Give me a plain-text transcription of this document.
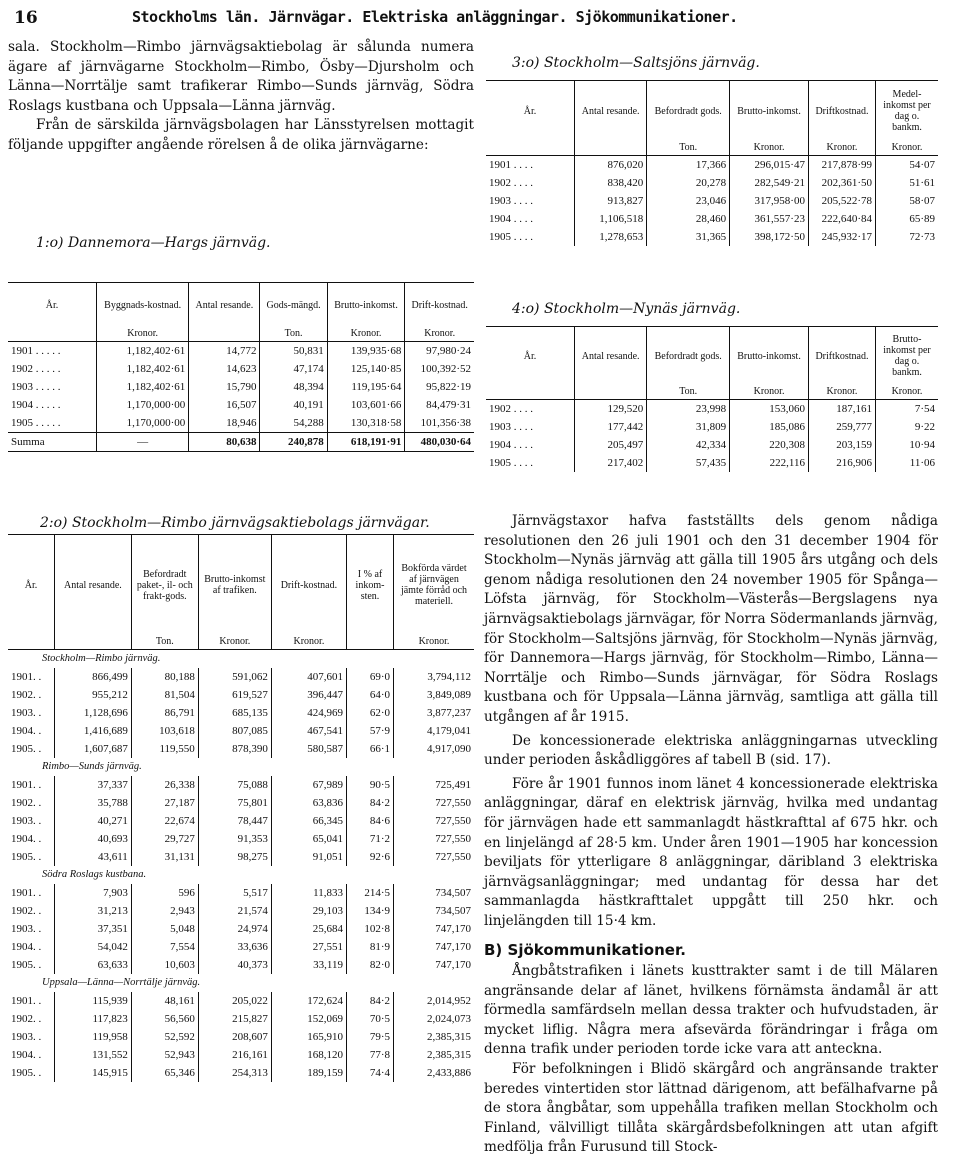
16	Stockholms län. Järnvägar. Elektriska anläggningar. Sjökommunikationer.

sala. Stockholm—Rimbo järnvägsaktiebolag är sålunda numera ägare af järnvägarne Stockholm—Rimbo, Ösby—Djursholm och Länna—Norrtälje samt trafikerar Rimbo—Sunds järnväg, Södra Roslags kustbana och Uppsala—Länna järnväg.

Från de särskilda järnvägsbolagen har Länsstyrelsen mottagit följande uppgifter angående rörelsen å de olika järnvägarne:

1:o) Dannemora—Hargs järnväg.
År.	Byggnads-kostnad.	Antal resande.	Gods-mängd.	Brutto-inkomst.	Drift-kostnad.
	Kronor.		Ton.	Kronor.	Kronor.
1901 . . . . .	1,182,402·61	14,772	50,831	139,935·68	97,980·24
1902 . . . . .	1,182,402·61	14,623	47,174	125,140·85	100,392·52
1903 . . . . .	1,182,402·61	15,790	48,394	119,195·64	95,822·19
1904 . . . . .	1,170,000·00	16,507	40,191	103,601·66	84,479·31
1905 . . . . .	1,170,000·00	18,946	54,288	130,318·58	101,356·38
Summa	—	80,638	240,878	618,191·91	480,030·64
2:o) Stockholm—Rimbo järnvägsaktiebolags järnvägar.
År.	Antal resande.	Befordradt paket-, il- och frakt-gods.	Brutto-inkomst af trafiken.	Drift-kostnad.	I % af inkom-sten.	Bokförda värdet af järnvägen jämte förråd och materiell.
		Ton.	Kronor.	Kronor.		Kronor.
Stockholm—Rimbo järnväg.						
1901. .	866,499	80,188	591,062	407,601	69·0	3,794,112
1902. .	955,212	81,504	619,527	396,447	64·0	3,849,089
1903. .	1,128,696	86,791	685,135	424,969	62·0	3,877,237
1904. .	1,416,689	103,618	807,085	467,541	57·9	4,179,041
1905. .	1,607,687	119,550	878,390	580,587	66·1	4,917,090
Rimbo—Sunds järnväg.						
1901. .	37,337	26,338	75,088	67,989	90·5	725,491
1902. .	35,788	27,187	75,801	63,836	84·2	727,550
1903. .	40,271	22,674	78,447	66,345	84·6	727,550
1904. .	40,693	29,727	91,353	65,041	71·2	727,550
1905. .	43,611	31,131	98,275	91,051	92·6	727,550
Södra Roslags kustbana.						
1901. .	7,903	596	5,517	11,833	214·5	734,507
1902. .	31,213	2,943	21,574	29,103	134·9	734,507
1903. .	37,351	5,048	24,974	25,684	102·8	747,170
1904. .	54,042	7,554	33,636	27,551	81·9	747,170
1905. .	63,633	10,603	40,373	33,119	82·0	747,170
Uppsala—Länna—Norrtälje järnväg.						
1901. .	115,939	48,161	205,022	172,624	84·2	2,014,952
1902. .	117,823	56,560	215,827	152,069	70·5	2,024,073
1903. .	119,958	52,592	208,607	165,910	79·5	2,385,315
1904. .	131,552	52,943	216,161	168,120	77·8	2,385,315
1905. .	145,915	65,346	254,313	189,159	74·4	2,433,886
3:o) Stockholm—Saltsjöns järnväg.
År.	Antal resande.	Befordradt gods.	Brutto-inkomst.	Driftkostnad.	Medel-inkomst per dag o. bankm.
		Ton.	Kronor.	Kronor.	Kronor.
1901 . . . .	876,020	17,366	296,015·47	217,878·99	54·07
1902 . . . .	838,420	20,278	282,549·21	202,361·50	51·61
1903 . . . .	913,827	23,046	317,958·00	205,522·78	58·07
1904 . . . .	1,106,518	28,460	361,557·23	222,640·84	65·89
1905 . . . .	1,278,653	31,365	398,172·50	245,932·17	72·73
4:o) Stockholm—Nynäs järnväg.
År.	Antal resande.	Befordradt gods.	Brutto-inkomst.	Driftkostnad.	Brutto-inkomst per dag o. bankm.
		Ton.	Kronor.	Kronor.	Kronor.
1902 . . . .	129,520	23,998	153,060	187,161	7·54
1903 . . . .	177,442	31,809	185,086	259,777	9·22
1904 . . . .	205,497	42,334	220,308	203,159	10·94
1905 . . . .	217,402	57,435	222,116	216,906	11·06

Järnvägstaxor hafva fastställts dels genom nådiga resolutionen den 26 juli 1901 och den 31 december 1904 för Stockholm—Nynäs järnväg att gälla till 1905 års utgång och dels genom nådiga resolutionen den 24 november 1905 för Spånga—Löfsta järnväg, för Stockholm—Västerås—Bergslagens nya järnvägsaktiebolags järnvägar, för Norra Södermanlands järnväg, för Stockholm—Saltsjöns järnväg, för Stockholm—Nynäs järnväg, för Dannemora—Hargs järnväg, för Stockholm—Rimbo, Länna—Norrtälje och Rimbo—Sunds järnvägar, för Södra Roslags kustbana och för Uppsala—Länna järnväg, samtliga att gälla till utgången af år 1915.

De koncessionerade elektriska anläggningarnas utveckling under perioden åskådliggöres af tabell B (sid. 17).

Före år 1901 funnos inom länet 4 koncessionerade elektriska anläggningar, däraf en elektrisk järnväg, hvilka med undantag för järnvägen hade ett sammanlagdt hästkrafttal af 675 hkr. och en linjelängd af 28·5 km. Under åren 1901—1905 har koncession beviljats för ytterligare 8 anläggningar, däribland 3 elektriska järnvägsanläggningar; med undantag för dessa har det sammanlagda hästkrafttalet uppgått till 250 hkr. och linjelängden till 15·4 km.

B) Sjökommunikationer.

Ångbåtstrafiken i länets kusttrakter samt i de till Mälaren angränsande delar af länet, hvilkens förnämsta ändamål är att förmedla samfärdseln mellan dessa trakter och hufvudstaden, är mycket liflig. Några mera afsevärda förändringar i fråga om denna trafik under perioden torde icke vara att anteckna.

För befolkningen i Blidö skärgård och angränsande trakter beredes vintertiden stor lättnad därigenom, att befälhafvarne på de stora ångbåtar, som uppehålla trafiken mellan Stockholm och Finland, välvilligt tillåta skärgårdsbefolkningen att utan afgift medfölja från Furusund till Stock-
